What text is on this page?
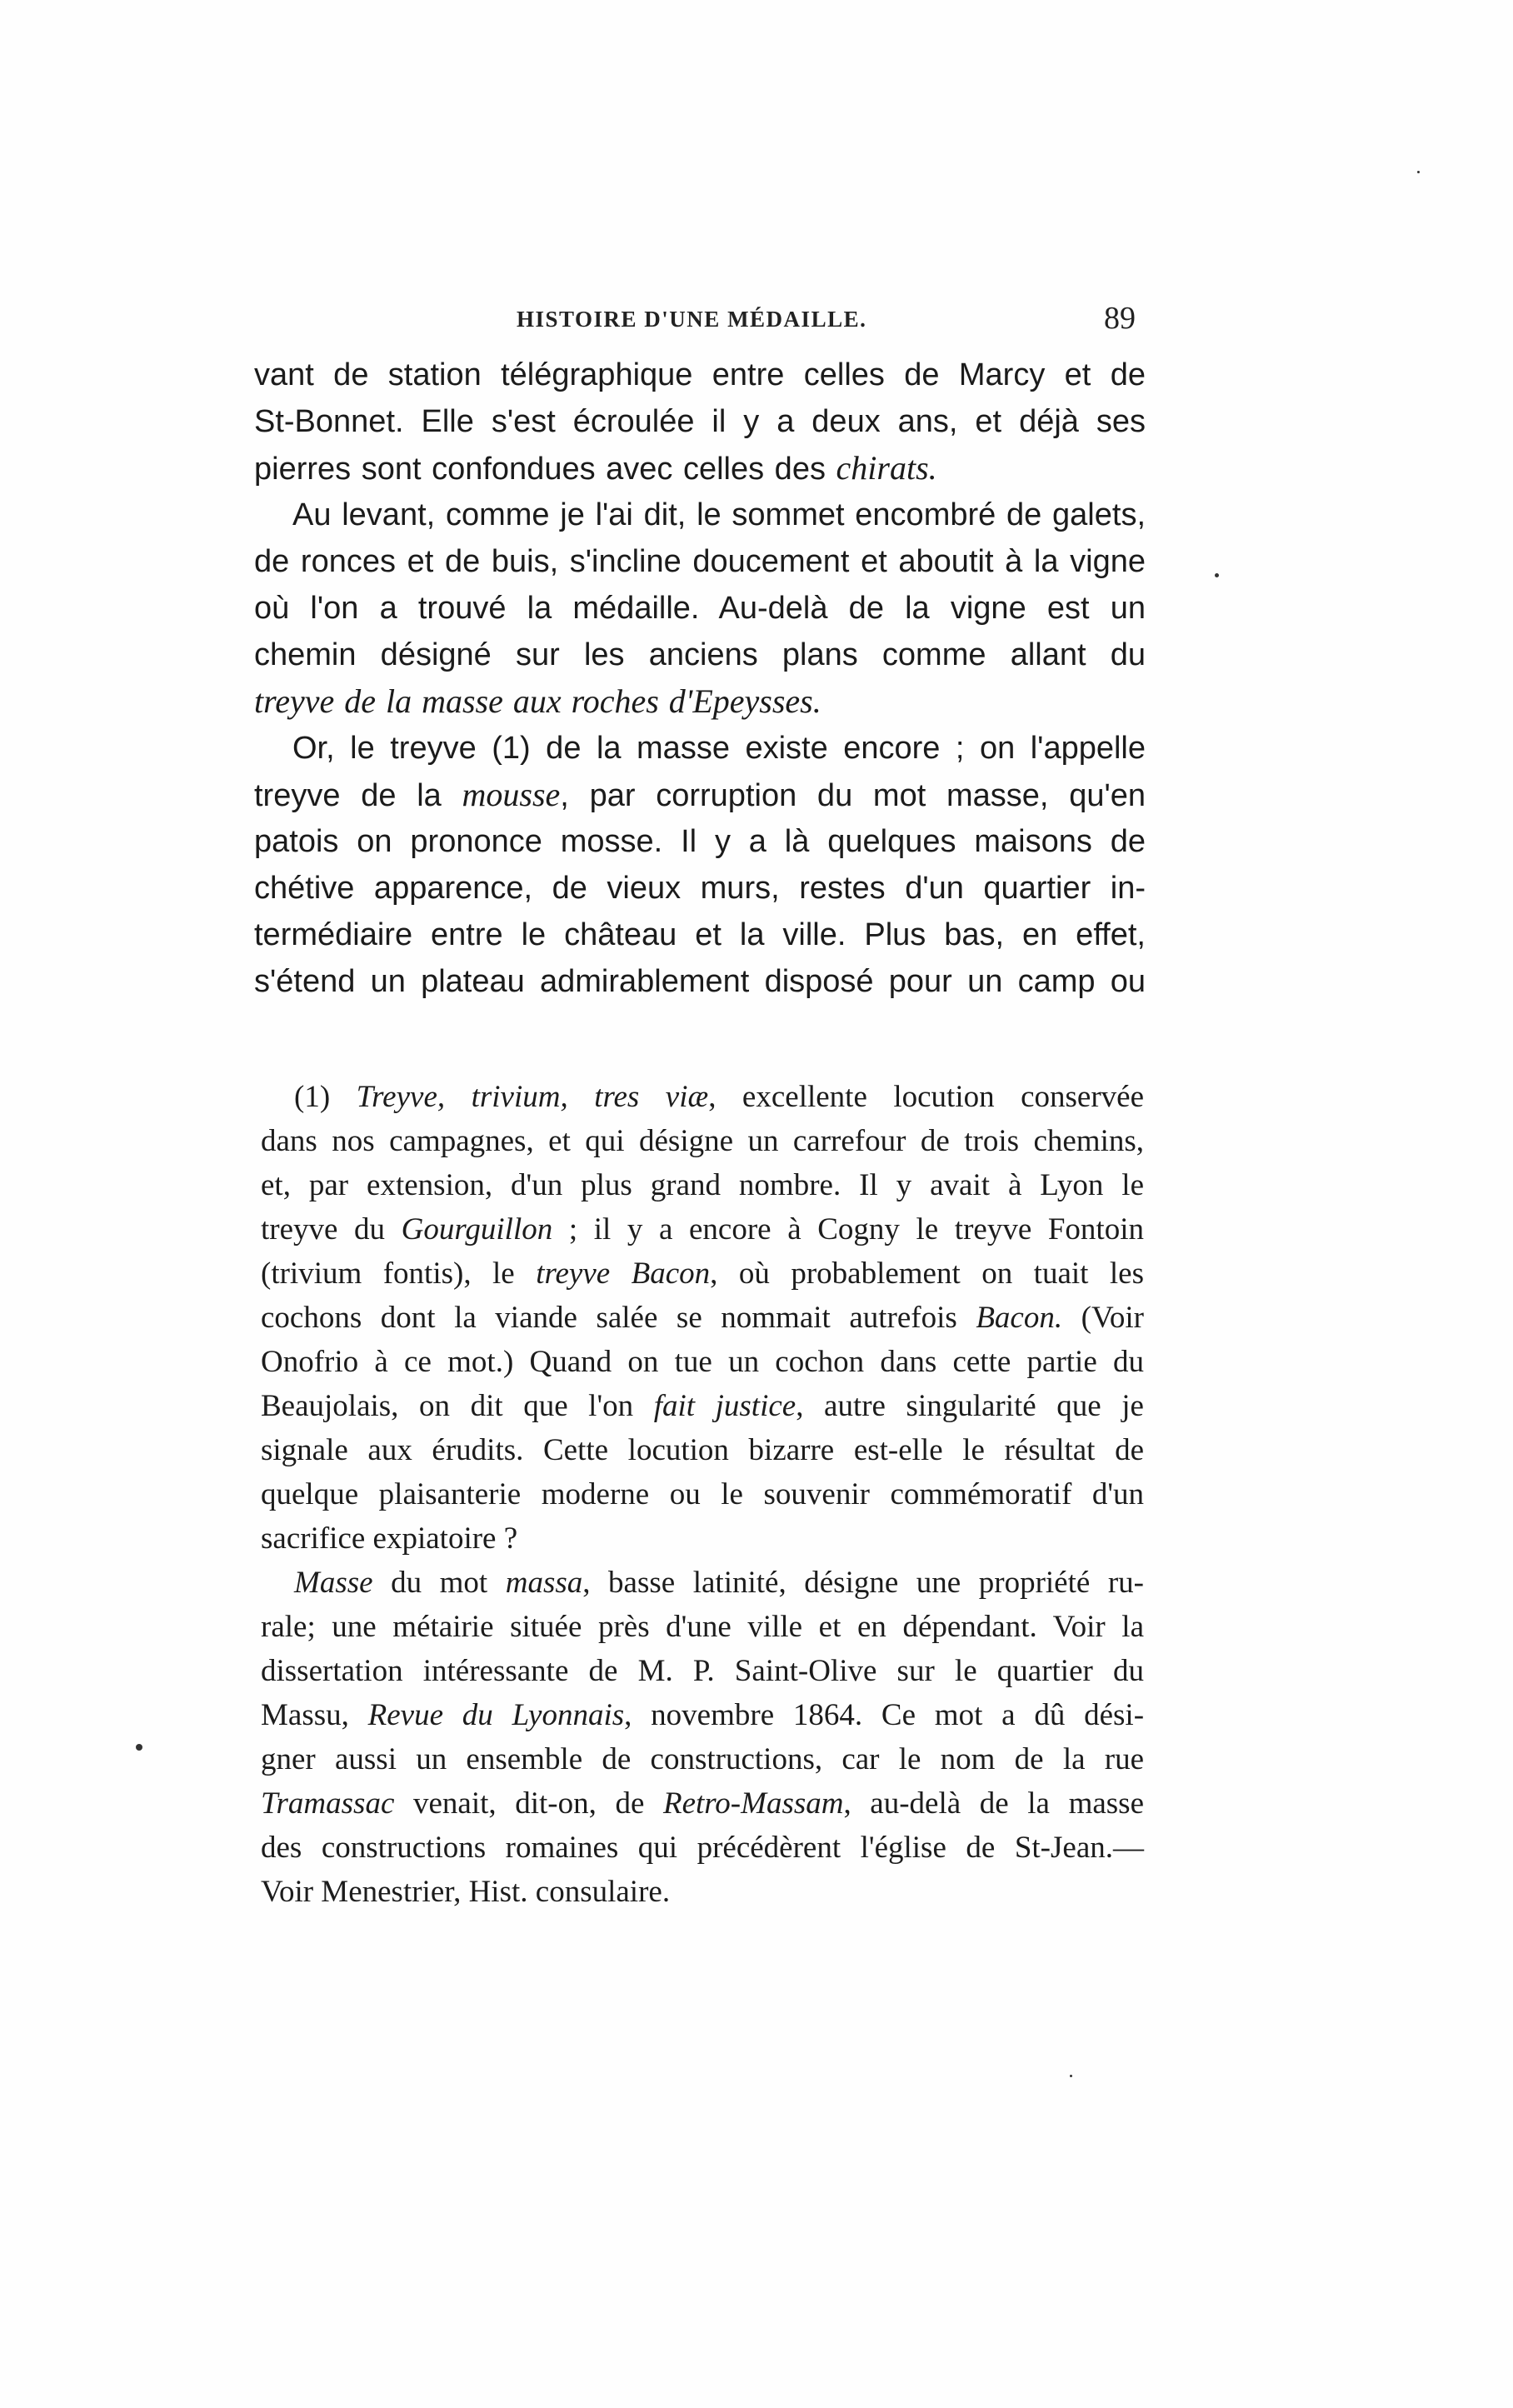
HISTOIRE D'UNE MÉDAILLE.	89
vant de station télégraphique entre celles de Marcy et de
St-Bonnet. Elle s'est écroulée il y a deux ans, et déjà ses
pierres sont confondues avec celles des chirats.
Au levant, comme je l'ai dit, le sommet encombré de galets,
de ronces et de buis, s'incline doucement et aboutit à la vigne
où l'on a trouvé la médaille. Au-delà de la vigne est un
chemin désigné sur les anciens plans comme allant du
treyve de la masse aux roches d'Epeysses.
Or, le treyve (1) de la masse existe encore ; on l'appelle
treyve de la mousse, par corruption du mot masse, qu'en
patois on prononce mosse. Il y a là quelques maisons de
chétive apparence, de vieux murs, restes d'un quartier in-
termédiaire entre le château et la ville. Plus bas, en effet,
s'étend un plateau admirablement disposé pour un camp ou
(1) Treyve, trivium, tres viæ, excellente locution conservée
dans nos campagnes, et qui désigne un carrefour de trois chemins,
et, par extension, d'un plus grand nombre. Il y avait à Lyon le
treyve du Gourguillon ; il y a encore à Cogny le treyve Fontoin
(trivium fontis), le treyve Bacon, où probablement on tuait les
cochons dont la viande salée se nommait autrefois Bacon. (Voir
Onofrio à ce mot.) Quand on tue un cochon dans cette partie du
Beaujolais, on dit que l'on fait justice, autre singularité que je
signale aux érudits. Cette locution bizarre est-elle le résultat de
quelque plaisanterie moderne ou le souvenir commémoratif d'un
sacrifice expiatoire ?
Masse du mot massa, basse latinité, désigne une propriété ru-
rale; une métairie située près d'une ville et en dépendant. Voir la
dissertation intéressante de M. P. Saint-Olive sur le quartier du
Massu, Revue du Lyonnais, novembre 1864. Ce mot a dû dési-
gner aussi un ensemble de constructions, car le nom de la rue
Tramassac venait, dit-on, de Retro-Massam, au-delà de la masse
des constructions romaines qui précédèrent l'église de St-Jean.—
Voir Menestrier, Hist. consulaire.
